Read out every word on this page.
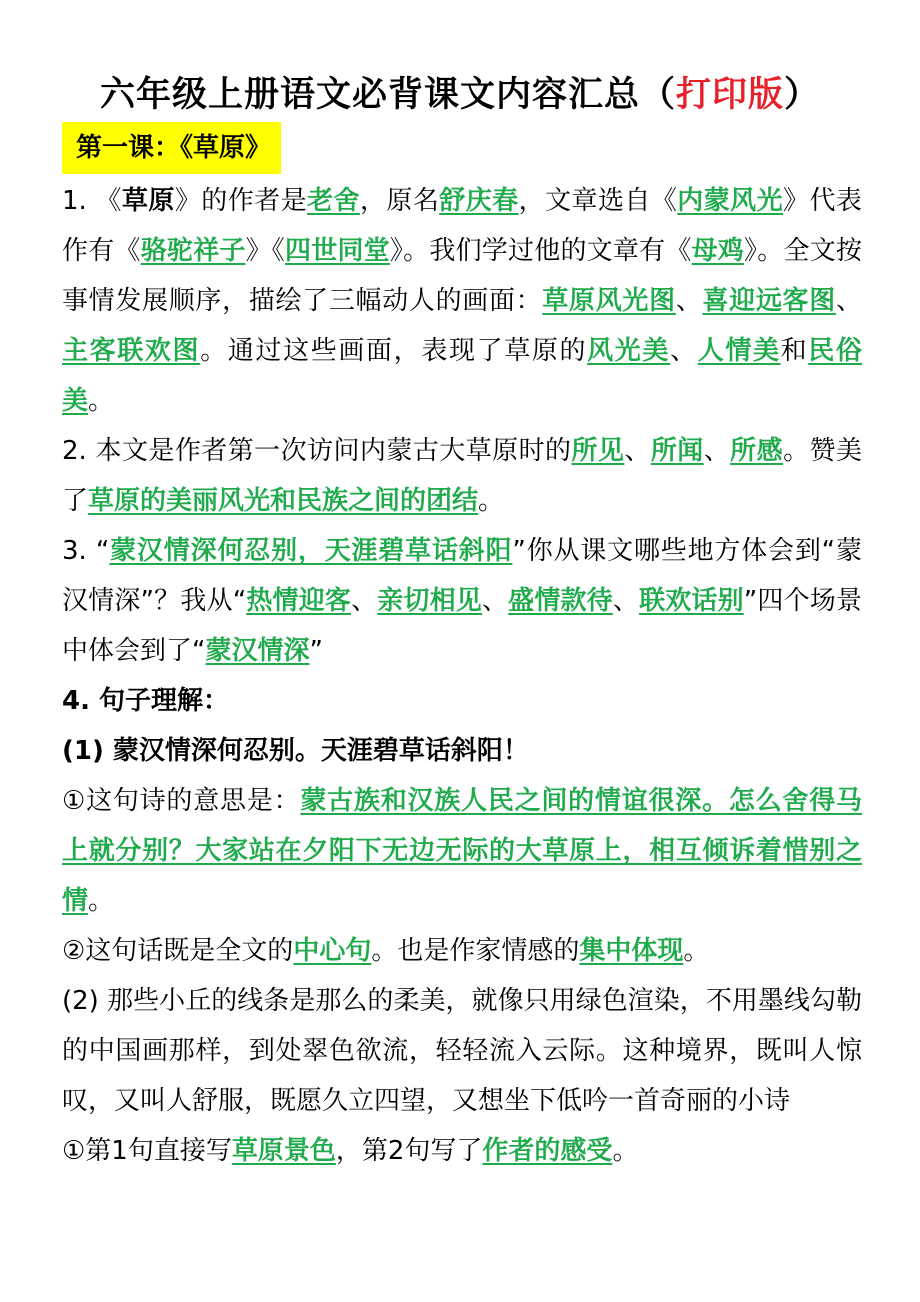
六年级上册语文必背课文内容汇总（打印版）
第一课：《草原》

1. 《草原》的作者是老舍，原名舒庆春，文章选自《内蒙风光》代表作有《骆驼祥子》《四世同堂》。我们学过他的文章有《母鸡》。全文按事情发展顺序，描绘了三幅动人的画面：草原风光图、喜迎远客图、主客联欢图。通过这些画面，表现了草原的风光美、人情美和民俗美。

2. 本文是作者第一次访问内蒙古大草原时的所见、所闻、所感。赞美了草原的美丽风光和民族之间的团结。

3. “蒙汉情深何忍别，天涯碧草话斜阳”你从课文哪些地方体会到“蒙汉情深”？我从“热情迎客、亲切相见、盛情款待、联欢话别”四个场景中体会到了“蒙汉情深”

4. 句子理解：

(1) 蒙汉情深何忍别。天涯碧草话斜阳！

①这句诗的意思是：蒙古族和汉族人民之间的情谊很深。怎么舍得马上就分别？大家站在夕阳下无边无际的大草原上，相互倾诉着惜别之情。

②这句话既是全文的中心句。也是作家情感的集中体现。

(2) 那些小丘的线条是那么的柔美，就像只用绿色渲染，不用墨线勾勒的中国画那样，到处翠色欲流，轻轻流入云际。这种境界，既叫人惊叹，又叫人舒服，既愿久立四望，又想坐下低吟一首奇丽的小诗

①第1句直接写草原景色，第2句写了作者的感受。
